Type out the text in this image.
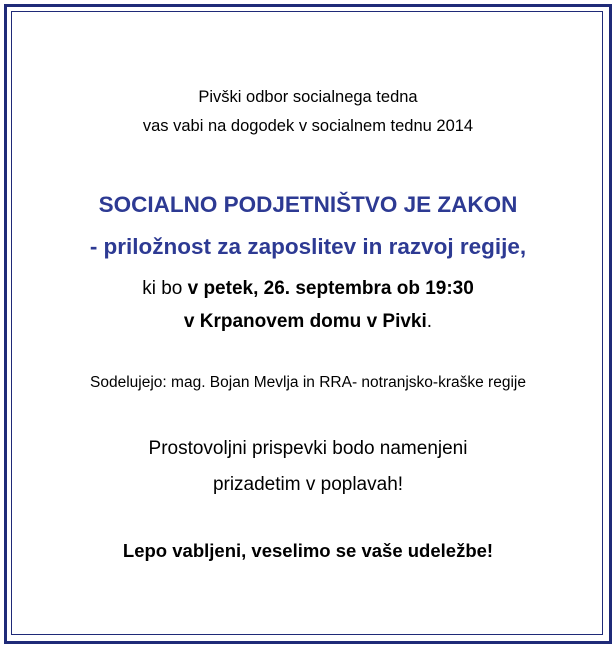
Pivški odbor socialnega tedna
vas vabi na dogodek v socialnem tednu 2014
SOCIALNO PODJETNIŠTVO JE ZAKON
- priložnost za zaposlitev in razvoj regije,
ki bo v petek, 26. septembra ob 19:30
v Krpanovem domu v Pivki.
Sodelujejo: mag. Bojan Mevlja in RRA- notranjsko-kraške regije
Prostovoljni prispevki bodo namenjeni
prizadetim v poplavah!
Lepo vabljeni, veselimo se vaše udeležbe!
